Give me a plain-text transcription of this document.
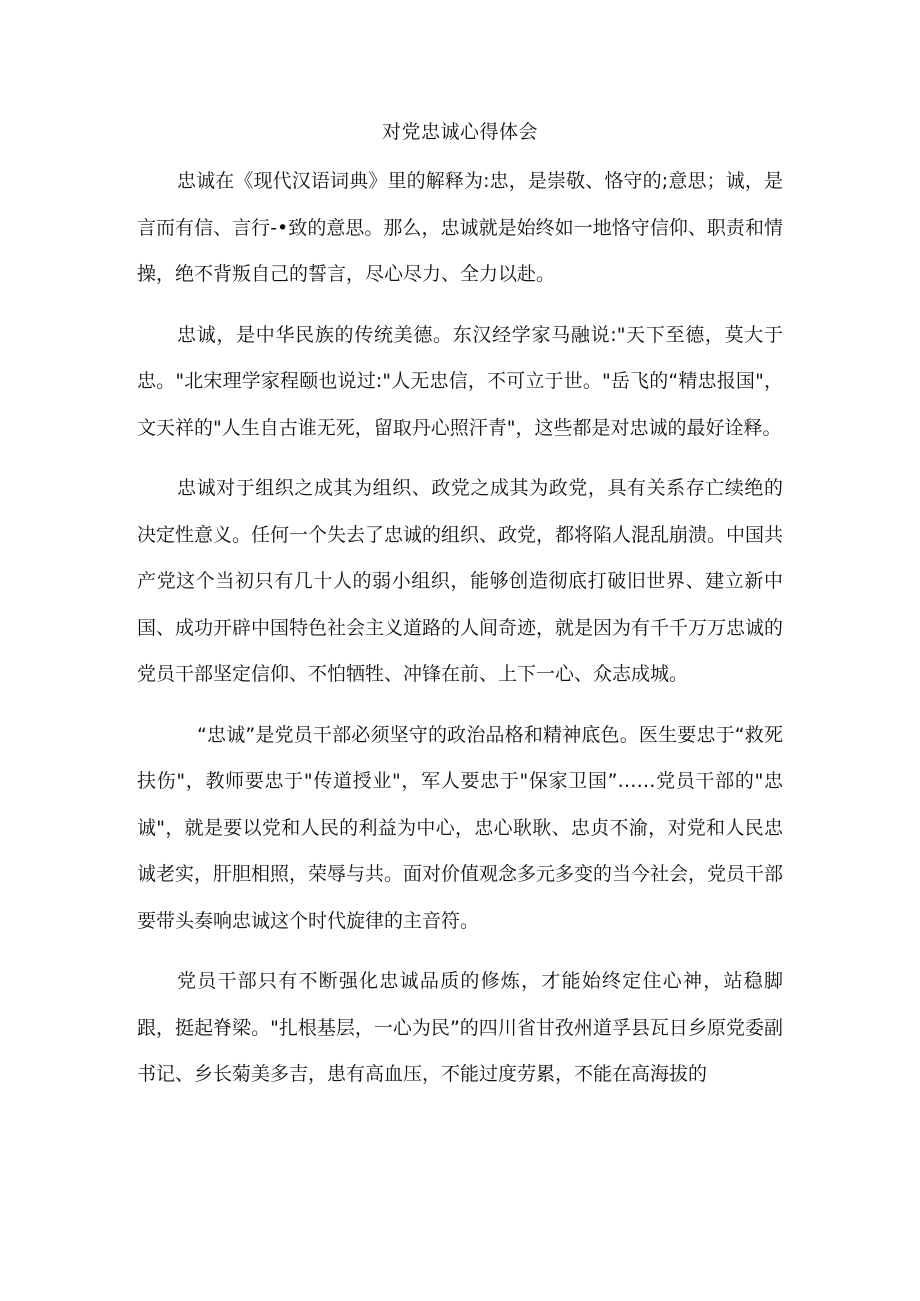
对党忠诚心得体会

忠诚在《现代汉语词典》里的解释为:忠，是崇敬、恪守的;意思；诚，是言而有信、言行-•致的意思。那么，忠诚就是始终如一地恪守信仰、职责和情操，绝不背叛自己的誓言，尽心尽力、全力以赴。

忠诚，是中华民族的传统美德。东汉经学家马融说:"天下至德，莫大于忠。"北宋理学家程颐也说过:"人无忠信，不可立于世。"岳飞的“精忠报国"，文天祥的"人生自古谁无死，留取丹心照汗青"，这些都是对忠诚的最好诠释。

忠诚对于组织之成其为组织、政党之成其为政党，具有关系存亡续绝的决定性意义。任何一个失去了忠诚的组织、政党，都将陷人混乱崩溃。中国共产党这个当初只有几十人的弱小组织，能够创造彻底打破旧世界、建立新中国、成功开辟中国特色社会主义道路的人间奇迹，就是因为有千千万万忠诚的党员干部坚定信仰、不怕牺牲、冲锋在前、上下一心、众志成城。

“忠诚”是党员干部必须坚守的政治品格和精神底色。医生要忠于“救死扶伤"，教师要忠于"传道授业"，军人要忠于"保家卫国”……党员干部的"忠诚"，就是要以党和人民的利益为中心，忠心耿耿、忠贞不渝，对党和人民忠诚老实，肝胆相照，荣辱与共。面对价值观念多元多变的当今社会，党员干部要带头奏响忠诚这个时代旋律的主音符。

党员干部只有不断强化忠诚品质的修炼，才能始终定住心神，站稳脚跟，挺起脊梁。"扎根基层，一心为民”的四川省甘孜州道孚县瓦日乡原党委副书记、乡长菊美多吉，患有高血压，不能过度劳累，不能在高海拔的
